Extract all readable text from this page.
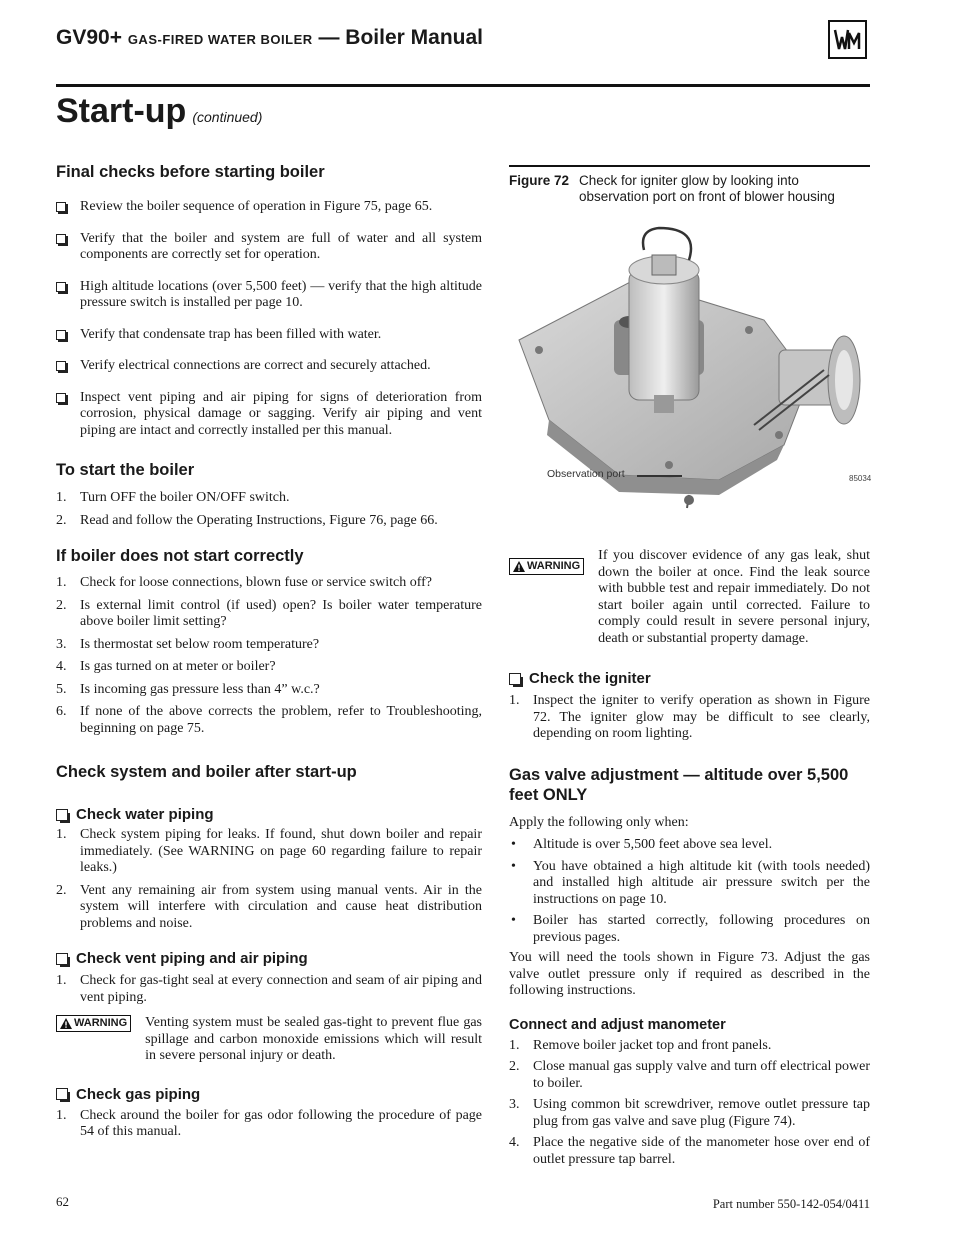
GV90+ GAS-FIRED WATER BOILER — Boiler Manual
Start-up (continued)
Final checks before starting boiler
Review the boiler sequence of operation in Figure 75, page 65.
Verify that the boiler and system are full of water and all system components are correctly set for operation.
High altitude locations (over 5,500 feet) — verify that the high altitude pressure switch is installed per page 10.
Verify that condensate trap has been filled with water.
Verify electrical connections are correct and securely attached.
Inspect vent piping and air piping for signs of deterioration from corrosion, physical damage or sagging. Verify air piping and vent piping are intact and correctly installed per this manual.
To start the boiler
1. Turn OFF the boiler ON/OFF switch.
2. Read and follow the Operating Instructions, Figure 76, page 66.
If boiler does not start correctly
1. Check for loose connections, blown fuse or service switch off?
2. Is external limit control (if used) open? Is boiler water temperature above boiler limit setting?
3. Is thermostat set below room temperature?
4. Is gas turned on at meter or boiler?
5. Is incoming gas pressure less than 4” w.c.?
6. If none of the above corrects the problem, refer to Troubleshooting, beginning on page 75.
Check system and boiler after start-up
Check water piping
1. Check system piping for leaks. If found, shut down boiler and repair immediately. (See WARNING on page 60 regarding failure to repair leaks.)
2. Vent any remaining air from system using manual vents. Air in the system will interfere with circulation and cause heat distribution problems and noise.
Check vent piping and air piping
1. Check for gas-tight seal at every connection and seam of air piping and vent piping.
WARNING Venting system must be sealed gas-tight to prevent flue gas spillage and carbon monoxide emissions which will result in severe personal injury or death.

Check gas piping
1. Check around the boiler for gas odor following the procedure of page 54 of this manual.
Figure 72 Check for igniter glow by looking into observation port on front of blower housing
Observation port	85034
WARNING

If you discover evidence of any gas leak, shut down the boiler at once. Find the leak source with bubble test and repair immediately. Do not start boiler again until corrected. Failure to comply could result in severe personal injury, death or substantial property damage.

Check the igniter
1. Inspect the igniter to verify operation as shown in Figure 72. The igniter glow may be difficult to see clearly, depending on room lighting.
Gas valve adjustment — altitude over 5,500 feet ONLY

Apply the following only when:

• Altitude is over 5,500 feet above sea level.
• You have obtained a high altitude kit (with tools needed) and installed high altitude air pressure switch per the instructions on page 10.
• Boiler has started correctly, following procedures on previous pages.

You will need the tools shown in Figure 73. Adjust the gas valve outlet pressure only if required as described in the following instructions.

Connect and adjust manometer
1. Remove boiler jacket top and front panels.
2. Close manual gas supply valve and turn off electrical power to boiler.
3. Using common bit screwdriver, remove outlet pressure tap plug from gas valve and save plug (Figure 74).
4. Place the negative side of the manometer hose over end of outlet pressure tap barrel.
62	Part number 550-142-054/0411
